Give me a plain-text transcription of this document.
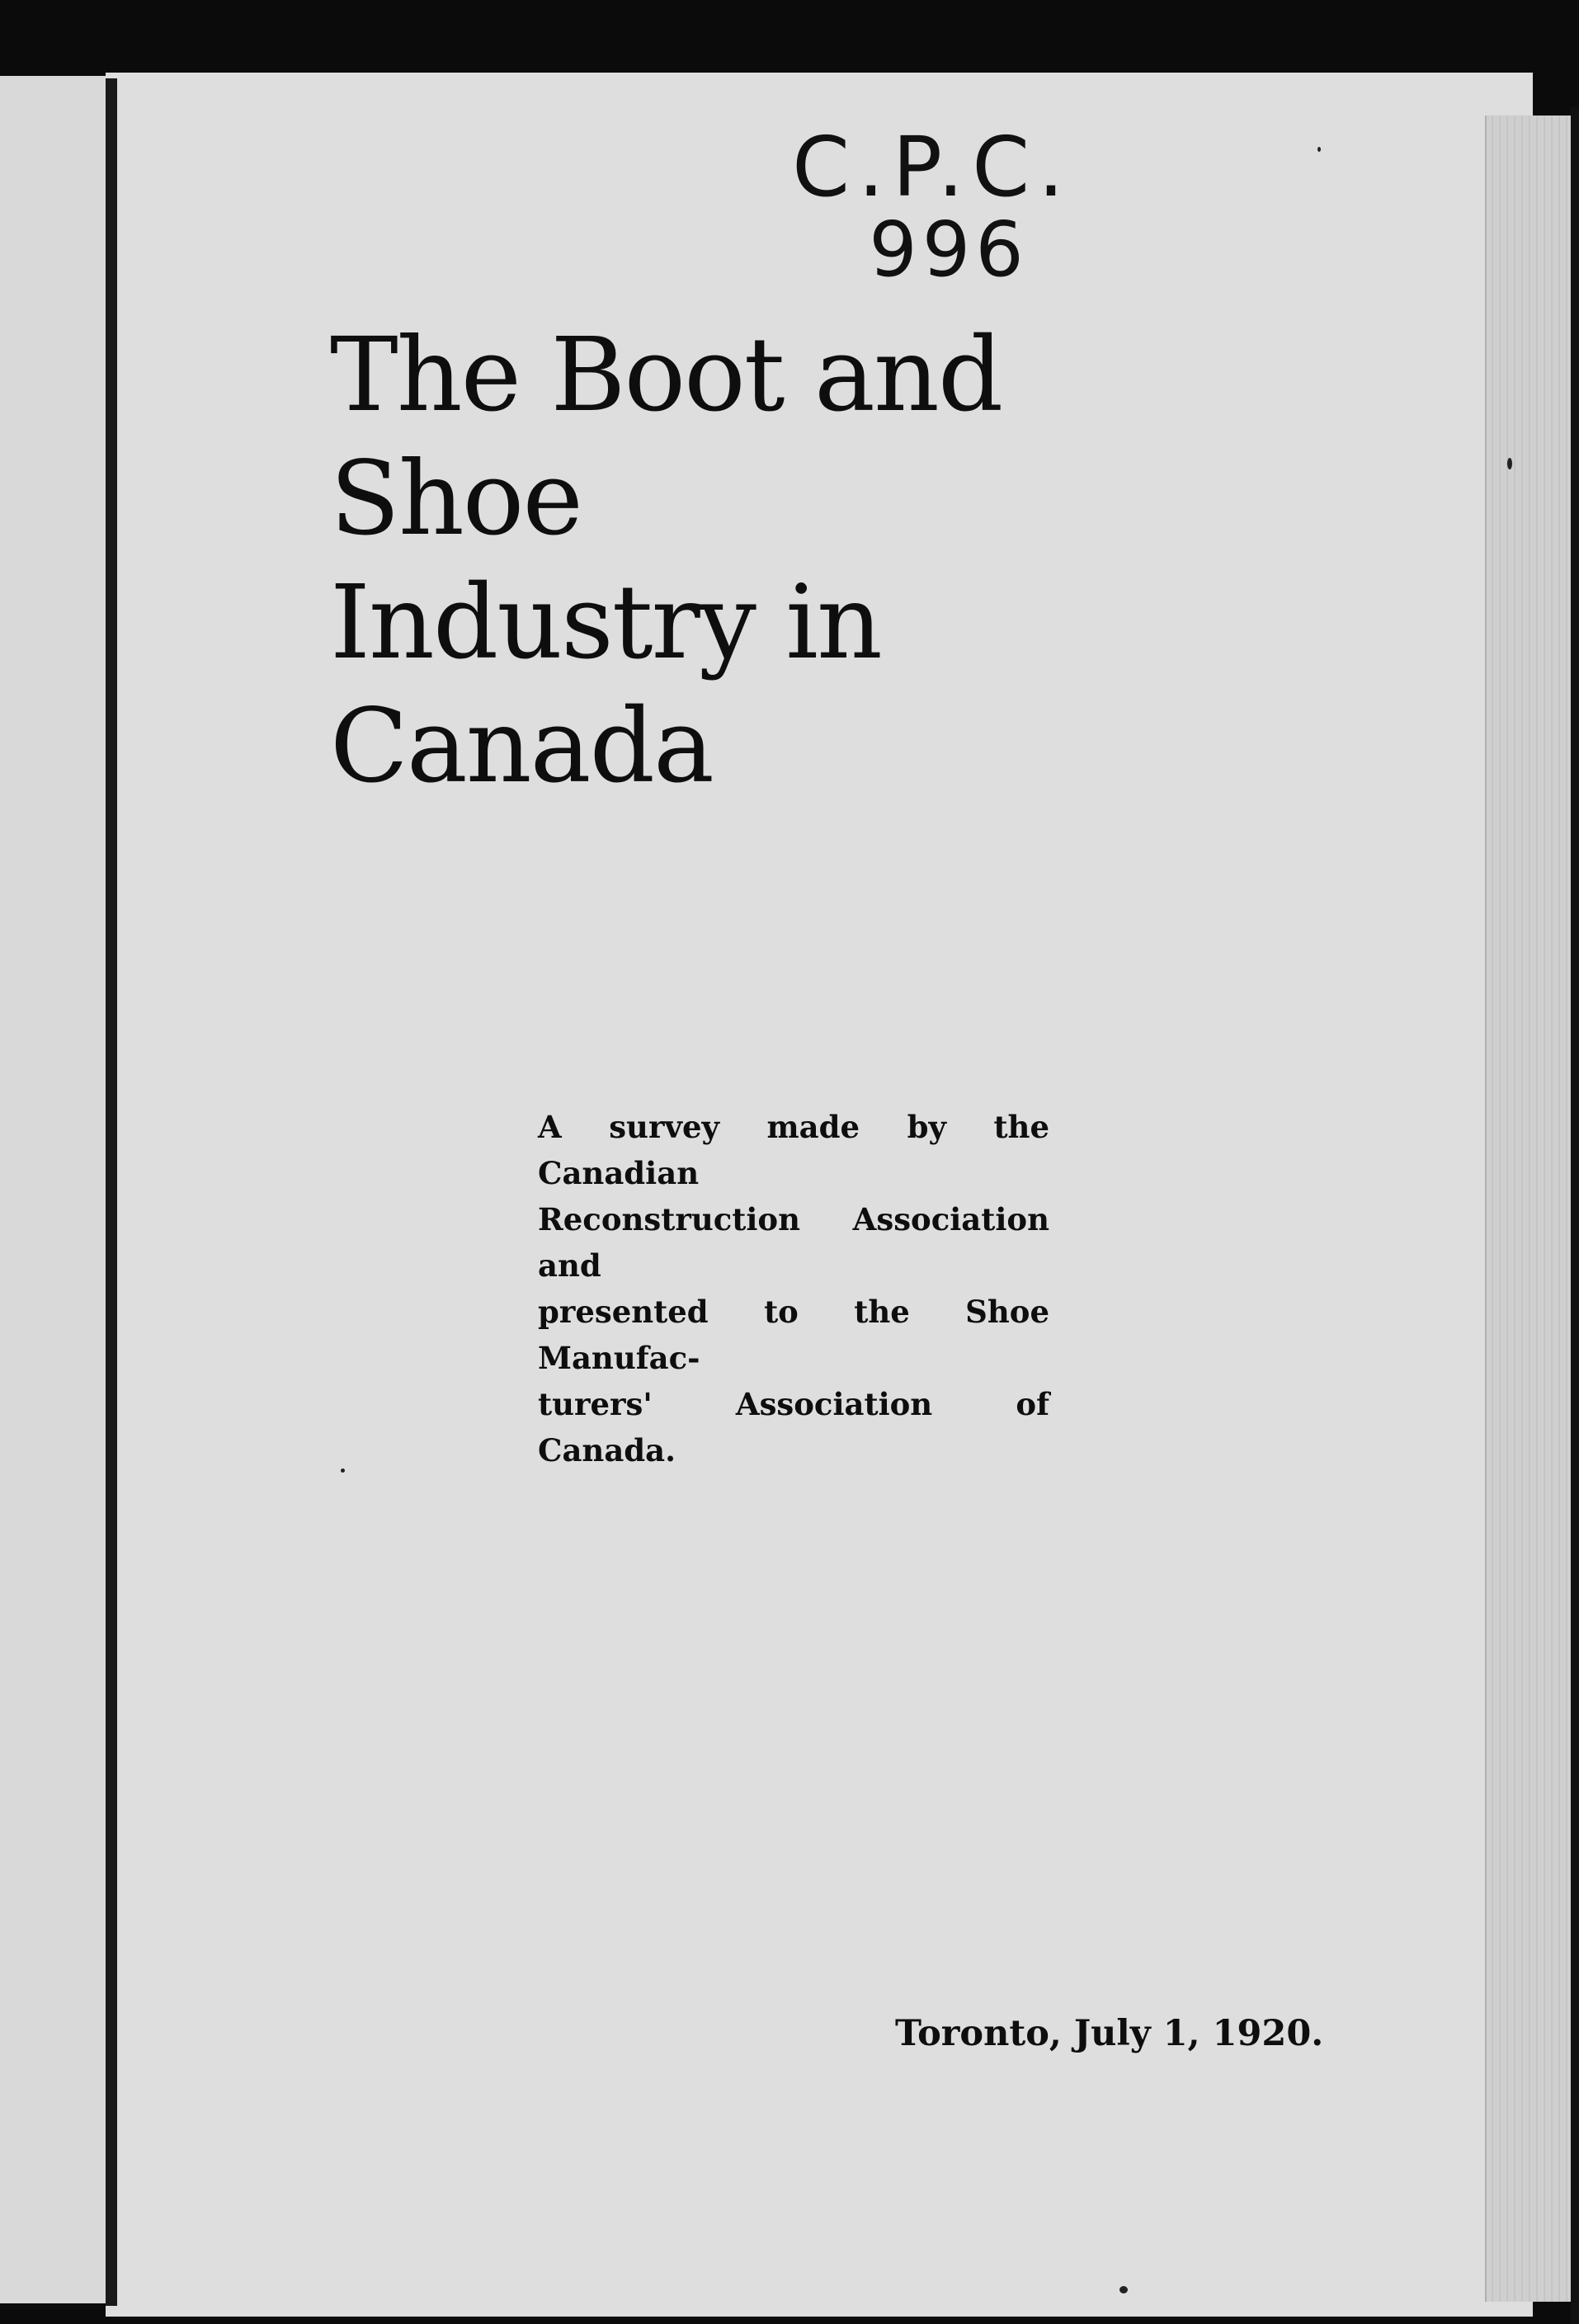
C.P.C.
996
The Boot and Shoe
Industry in Canada
A survey made by the Canadian
Reconstruction Association and
presented to the Shoe Manufac-
turers' Association of Canada.
Toronto, July 1, 1920.
